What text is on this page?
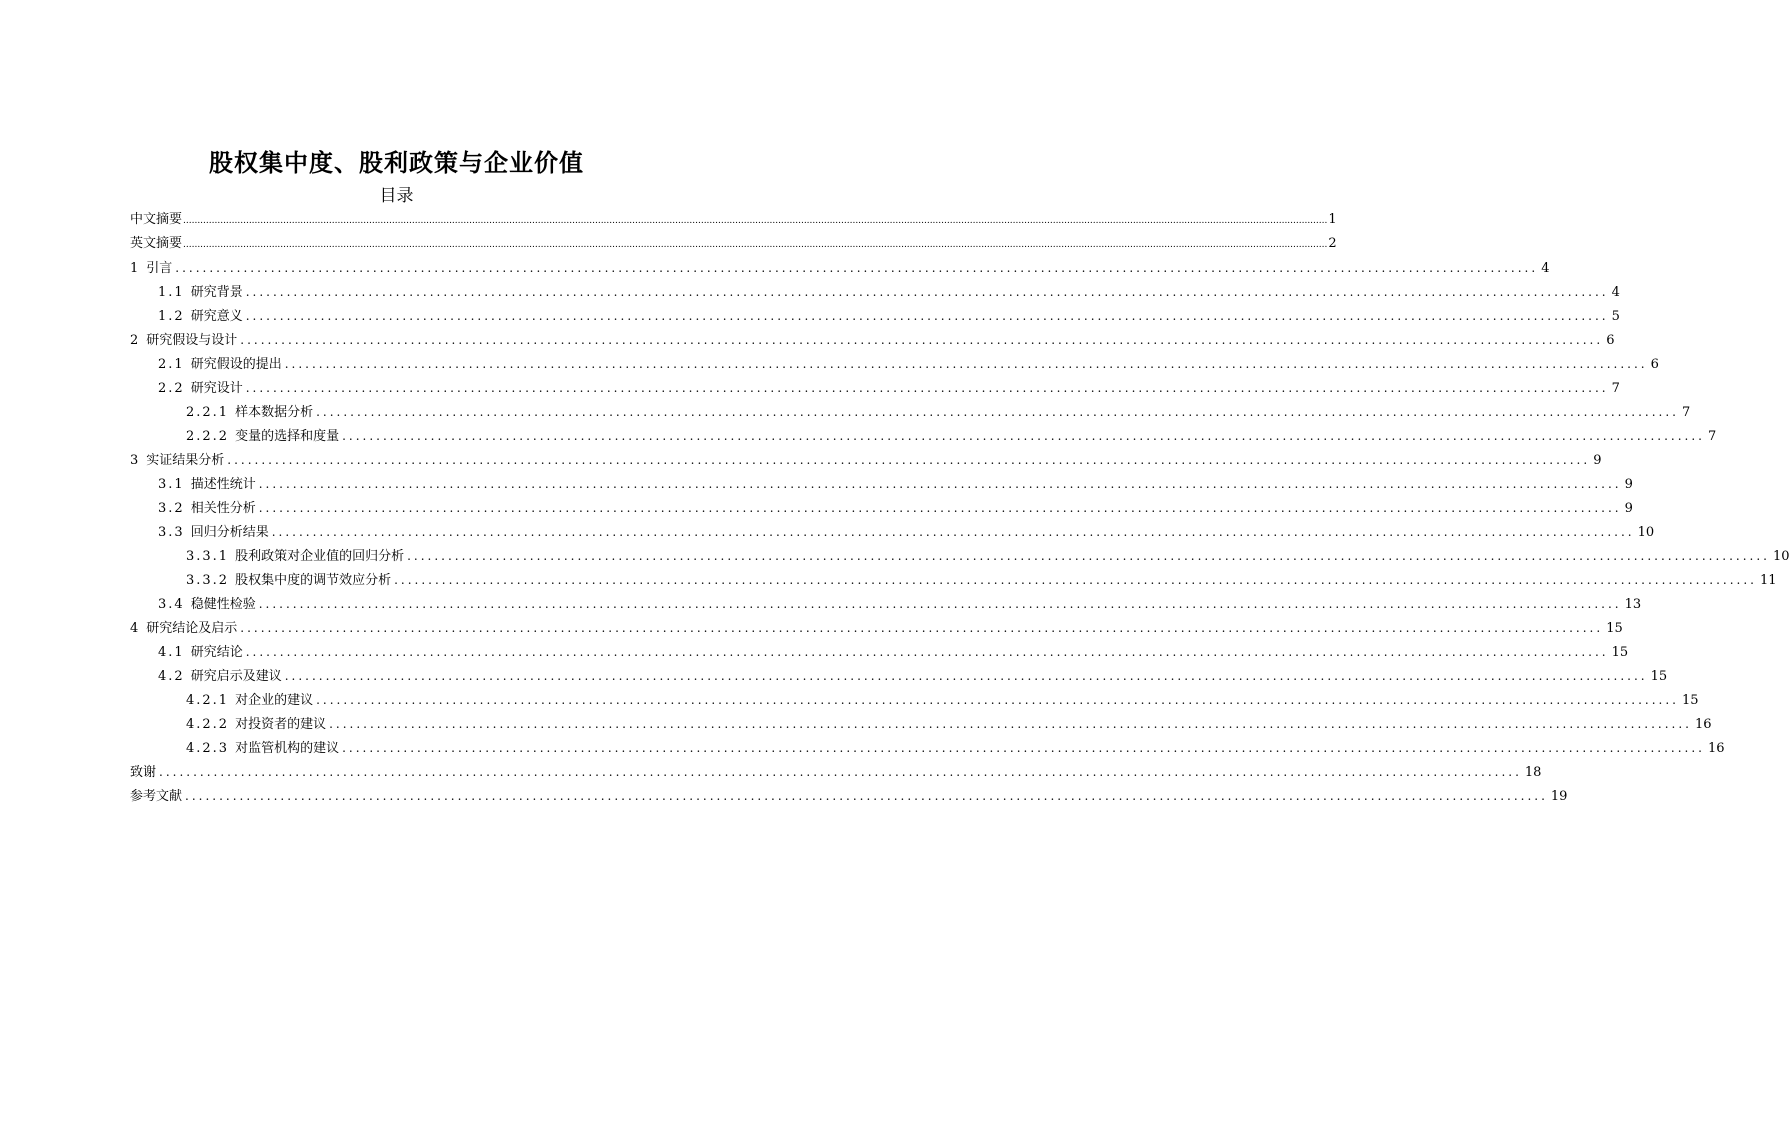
股权集中度、股利政策与企业价值
目录
中文摘要 ................................................................................................................................................................................................................................................................................................................................................................................................................ 1
英文摘要 ................................................................................................................................................................................................................................................................................................................................................................................................................ 2
1 引言 ........................................................................................................................................................................................................ 4
1.1 研究背景 ........................................................................................................................................................................................................ 4
1.2 研究意义 ........................................................................................................................................................................................................ 5
2 研究假设与设计 ........................................................................................................................................................................................................ 6
2.1 研究假设的提出 ........................................................................................................................................................................................................ 6
2.2 研究设计 ........................................................................................................................................................................................................ 7
2.2.1 样本数据分析 ........................................................................................................................................................................................................ 7
2.2.2 变量的选择和度量 ........................................................................................................................................................................................................ 7
3 实证结果分析 ........................................................................................................................................................................................................ 9
3.1 描述性统计 ........................................................................................................................................................................................................ 9
3.2 相关性分析 ........................................................................................................................................................................................................ 9
3.3 回归分析结果 ........................................................................................................................................................................................................ 10
3.3.1 股利政策对企业值的回归分析 ........................................................................................................................................................................................................ 10
3.3.2 股权集中度的调节效应分析 ........................................................................................................................................................................................................ 11
3.4 稳健性检验 ........................................................................................................................................................................................................ 13
4 研究结论及启示 ........................................................................................................................................................................................................ 15
4.1 研究结论 ........................................................................................................................................................................................................ 15
4.2 研究启示及建议 ........................................................................................................................................................................................................ 15
4.2.1 对企业的建议 ........................................................................................................................................................................................................ 15
4.2.2 对投资者的建议 ........................................................................................................................................................................................................ 16
4.2.3 对监管机构的建议 ........................................................................................................................................................................................................ 16
致谢 ........................................................................................................................................................................................................ 18
参考文献 ........................................................................................................................................................................................................ 19
